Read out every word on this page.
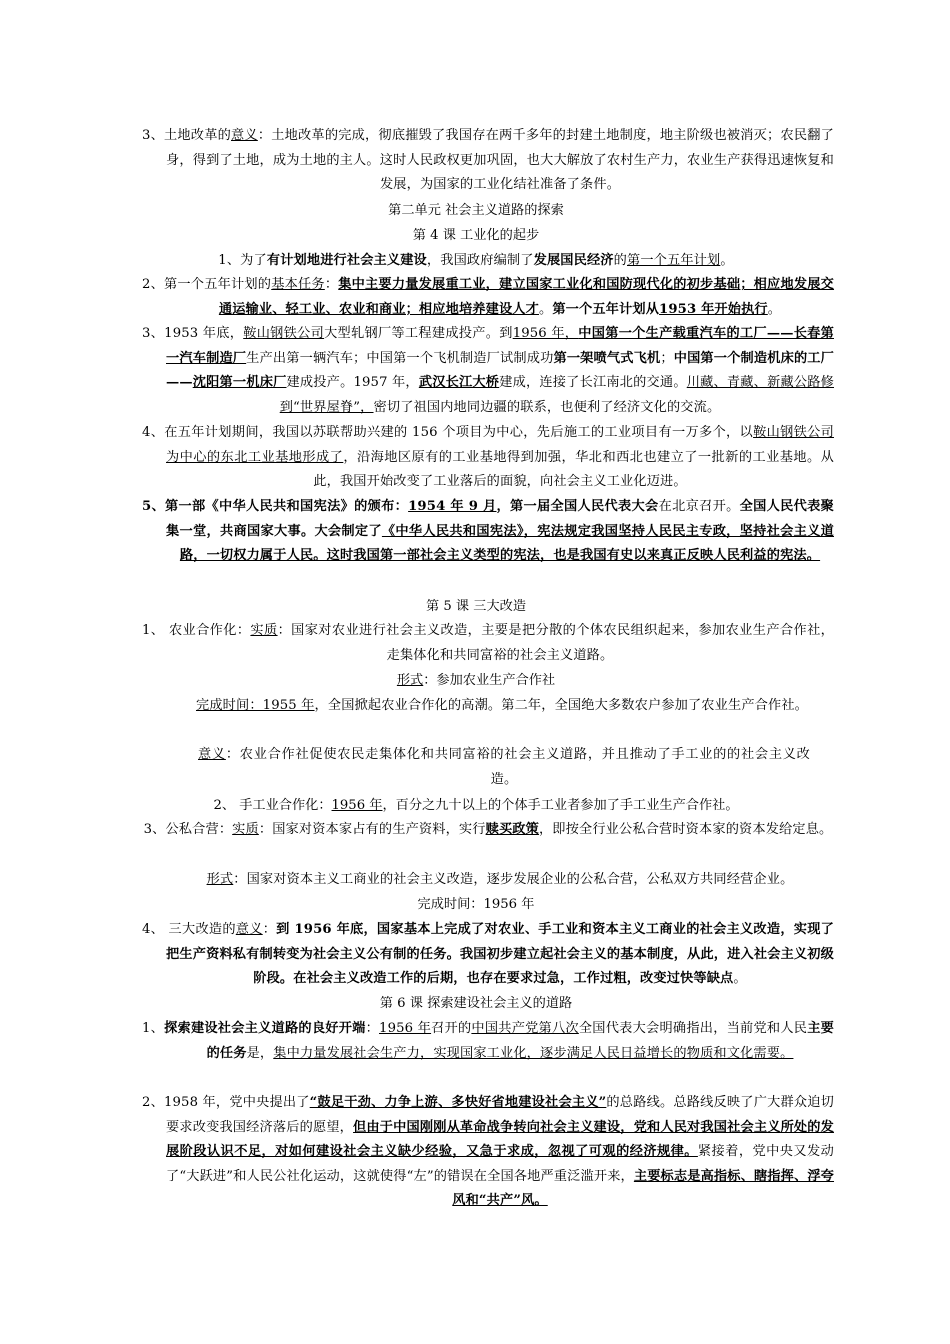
3、土地改革的意义：土地改革的完成，彻底摧毁了我国存在两千多年的封建土地制度，地主阶级也被消灭；农民翻了身，得到了土地，成为土地的主人。这时人民政权更加巩固，也大大解放了农村生产力，农业生产获得迅速恢复和发展，为国家的工业化结社准备了条件。
第二单元 社会主义道路的探索
第 4 课 工业化的起步
1、为了有计划地进行社会主义建设，我国政府编制了发展国民经济的第一个五年计划。
2、第一个五年计划的基本任务：集中主要力量发展重工业，建立国家工业化和国防现代化的初步基础；相应地发展交通运输业、轻工业、农业和商业；相应地培养建设人才。第一个五年计划从1953 年开始执行。
3、1953 年底，鞍山钢铁公司大型轧钢厂等工程建成投产。到1956 年，中国第一个生产载重汽车的工厂——长春第一汽车制造厂生产出第一辆汽车；中国第一个飞机制造厂试制成功第一架喷气式飞机；中国第一个制造机床的工厂——沈阳第一机床厂建成投产。1957 年，武汉长江大桥建成，连接了长江南北的交通。川藏、青藏、新藏公路修到“世界屋脊”，密切了祖国内地同边疆的联系，也便利了经济文化的交流。
4、在五年计划期间，我国以苏联帮助兴建的 156 个项目为中心，先后施工的工业项目有一万多个，以鞍山钢铁公司为中心的东北工业基地形成了，沿海地区原有的工业基地得到加强，华北和西北也建立了一批新的工业基地。从此，我国开始改变了工业落后的面貌，向社会主义工业化迈进。
5、第一部《中华人民共和国宪法》的颁布：1954 年 9 月，第一届全国人民代表大会在北京召开。全国人民代表聚集一堂，共商国家大事。大会制定了《中华人民共和国宪法》，宪法规定我国坚持人民民主专政，坚持社会主义道路，一切权力属于人民。这时我国第一部社会主义类型的宪法，也是我国有史以来真正反映人民利益的宪法。
第 5 课 三大改造
1、 农业合作化：实质：国家对农业进行社会主义改造，主要是把分散的个体农民组织起来，参加农业生产合作社，走集体化和共同富裕的社会主义道路。
形式：参加农业生产合作社
完成时间：1955 年，全国掀起农业合作化的高潮。第二年，全国绝大多数农户参加了农业生产合作社。
意义：农业合作社促使农民走集体化和共同富裕的社会主义道路，并且推动了手工业的的社会主义改造。
2、 手工业合作化：1956 年，百分之九十以上的个体手工业者参加了手工业生产合作社。
3、公私合营：实质：国家对资本家占有的生产资料，实行赎买政策，即按全行业公私合营时资本家的资本发给定息。
形式：国家对资本主义工商业的社会主义改造，逐步发展企业的公私合营，公私双方共同经营企业。
完成时间：1956 年
4、 三大改造的意义：到 1956 年底，国家基本上完成了对农业、手工业和资本主义工商业的社会主义改造，实现了把生产资料私有制转变为社会主义公有制的任务。我国初步建立起社会主义的基本制度，从此，进入社会主义初级阶段。在社会主义改造工作的后期，也存在要求过急，工作过粗，改变过快等缺点。
第 6 课 探索建设社会主义的道路
1、探索建设社会主义道路的良好开端：1956 年召开的中国共产党第八次全国代表大会明确指出，当前党和人民主要的任务是，集中力量发展社会生产力，实现国家工业化，逐步满足人民日益增长的物质和文化需要。
2、1958 年，党中央提出了“鼓足干劲、力争上游、多快好省地建设社会主义”的总路线。总路线反映了广大群众迫切要求改变我国经济落后的愿望，但由于中国刚刚从革命战争转向社会主义建设，党和人民对我国社会主义所处的发展阶段认识不足，对如何建设社会主义缺少经验，又急于求成，忽视了可观的经济规律。紧接着，党中央又发动了“大跃进”和人民公社化运动，这就使得“左”的错误在全国各地严重泛滥开来，主要标志是高指标、瞎指挥、浮夸风和“共产”风。
